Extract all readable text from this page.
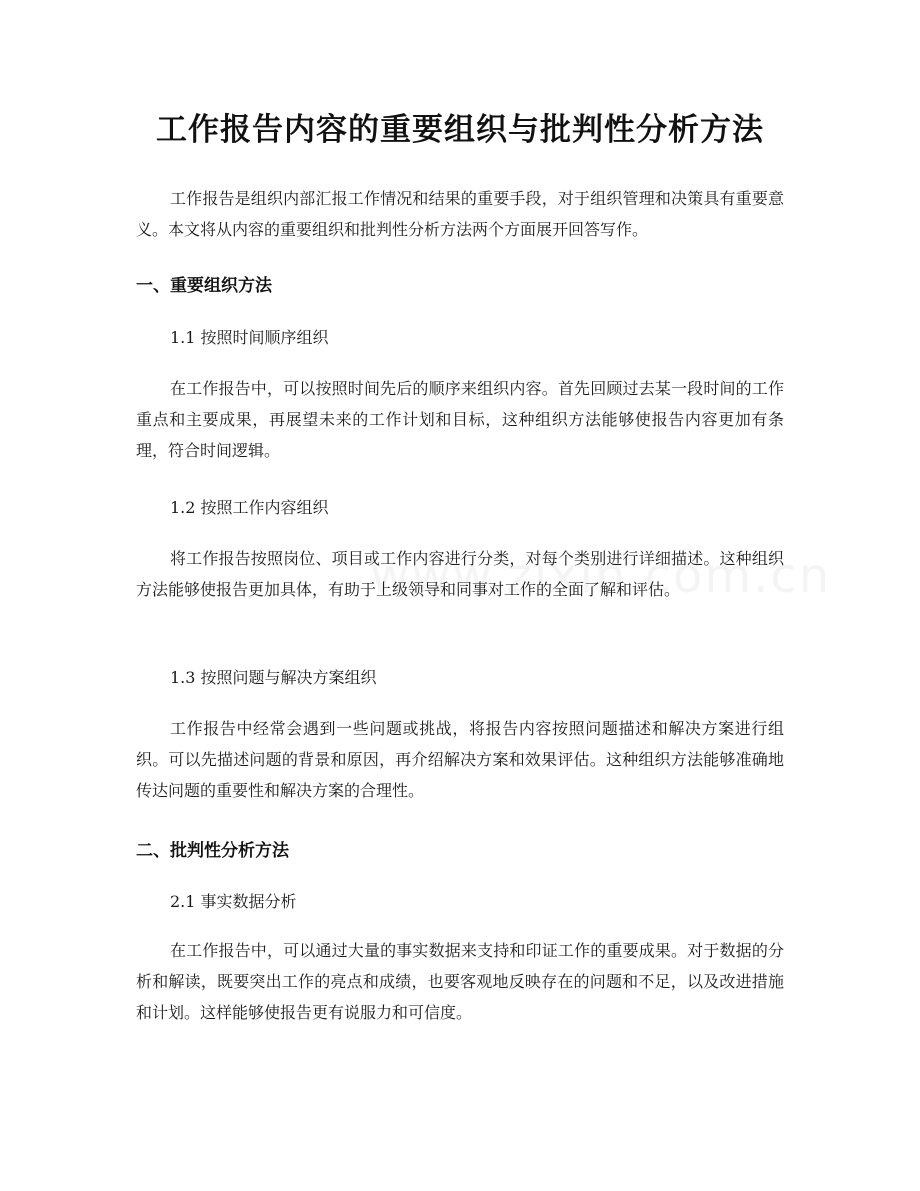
工作报告内容的重要组织与批判性分析方法

工作报告是组织内部汇报工作情况和结果的重要手段，对于组织管理和决策具有重要意义。本文将从内容的重要组织和批判性分析方法两个方面展开回答写作。

一、重要组织方法

1.1 按照时间顺序组织

在工作报告中，可以按照时间先后的顺序来组织内容。首先回顾过去某一段时间的工作重点和主要成果，再展望未来的工作计划和目标，这种组织方法能够使报告内容更加有条理，符合时间逻辑。

1.2 按照工作内容组织

将工作报告按照岗位、项目或工作内容进行分类，对每个类别进行详细描述。这种组织方法能够使报告更加具体，有助于上级领导和同事对工作的全面了解和评估。

1.3 按照问题与解决方案组织

工作报告中经常会遇到一些问题或挑战，将报告内容按照问题描述和解决方案进行组织。可以先描述问题的背景和原因，再介绍解决方案和效果评估。这种组织方法能够准确地传达问题的重要性和解决方案的合理性。

二、批判性分析方法

2.1 事实数据分析

在工作报告中，可以通过大量的事实数据来支持和印证工作的重要成果。对于数据的分析和解读，既要突出工作的亮点和成绩，也要客观地反映存在的问题和不足，以及改进措施和计划。这样能够使报告更有说服力和可信度。
